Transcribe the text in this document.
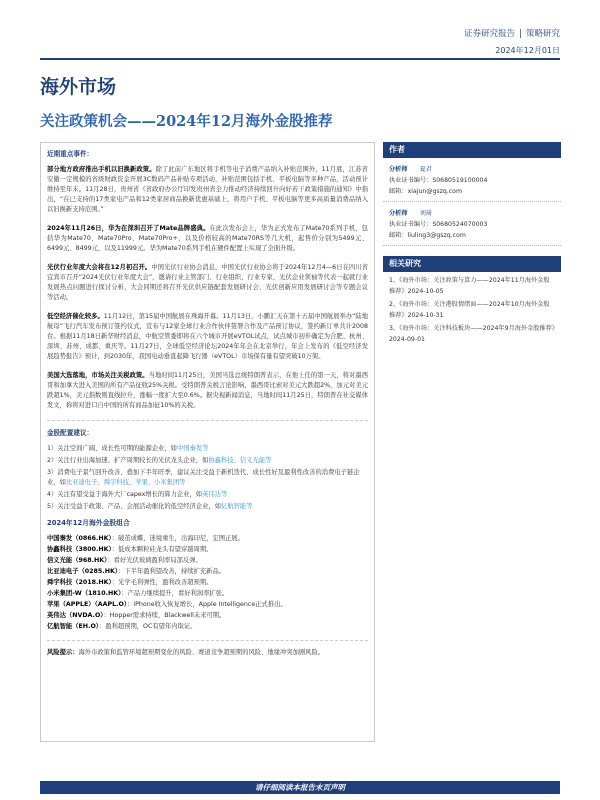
证券研究报告 | 策略研究
2024年12月01日
海外市场
关注政策机会——2024年12月海外金股推荐
近期重点事件：
部分地方政府推出手机以旧换新政策。除了此前广东地区将手机等电子消费产品纳入补贴范围外，11月底，江苏省安徽一定规模的省级财政资金开展3C数码产品补贴专项活动，补贴范围包括手机、平板电脑等多种产品，活动预计维持至年末。11月28日，贵州省《省政府办公厅印发贵州省全力推动经济持续回升向好若干政策措施的通知》中指出，“在已支持的17类家电产品和12类家居商品换新优惠基础上，将用户手机、平板电脑等更多高质量消费品纳入以旧换新支持范围。”
2024年11月26日，华为在深圳召开了Mate品牌盛典。在此次发布会上，华为正式发布了Mate70系列手机，包括华为Mate70、Mate70Pro、Mate70Pro+，以及价格较高的Mate70RS等几大机，起售价分别为5499元、6499元、8499元，以及11999元。华为Mate70系列手机在硬件配置上实现了全面升级。
光伏行业年度大会将在12月初召开。中国光伏行业协会消息，中国光伏行业协会将于2024年12月4—6日在四川省宜宾市召开“2024光伏行业年度大会”，邀请行业主管部门、行业组织、行业专家、光伏企业领袖等代表一起就行业发展热点问题进行探讨分析，大会同期还将召开光伏供应链配套发展研讨会、光伏创新应用发展研讨会等专题会议等活动。
低空经济催化较多。11月12日，第15届中国航展在珠海开幕。11月13日，小鹏汇天在第十五届中国航展举办“陆地航母”飞行汽车发布预订签约仪式，宣布与12家全球行业合作伙伴签署合作及产品预订协议，签约新订单共计2008台。根据11月18日新华财经消息，中航空管委即将在六个城市开展eVTOL试点，试点城市初步确定为合肥、杭州、深圳、苏州、成都、重庆等。11月27日，全球低空经济论坛2024年年会在北京举行，年会上发布的《低空经济发展趋势报告》预计，到2030年，我国电动垂直起降飞行器（eVTOL）市场保有量有望突破10万架。
美国大选落地，市场关注关税政策。当地时间11月25日，美国当选总统特朗普表示，在他上任的第一天，将对墨西哥和加拿大进入美国的所有产品征收25%关税。受特朗普关税言论影响，墨西哥比索对美元大跌超2%，加元对美元跌超1%，美元指数则直线拉升，涨幅一度扩大至0.6%。据央视新闻消息，当地时间11月25日，特朗普在社交媒体发文，称将对进口自中国的所有商品加征10%的关税。
金股配置建议：
1）关注空间广阔、成长性可期的能源企业，如中国秦发等
2）关注行业出海加速、扩产周期较长的光伏龙头企业，如协鑫科技、信义光能等
3）消费电子景气回升改善、叠加下半年旺季，建议关注受益于新机迭代、成长性好及盈利性改善的消费电子链企业，如比亚迪电子、舜宇科技、苹果、小米集团等
4）关注有望受益于海外大厂capex增长的算力企业，如英伟达等
5）关注受益于政策、产品、会展活动催化的低空经济企业，如亿航智能等
2024年12月海外金股组合
中国秦发（0866.HK）：破茧成蝶，迷境重生，出海印尼，宏图正展。
协鑫科技（3800.HK）：低成本颗粒硅龙头有望穿越周期。
信义光能（968.HK）：看好光伏玻璃盈利率局部反弹。
比亚迪电子（0285.HK）：下半年盈利望改善，持续扩充新品。
舜宇科技（2018.HK）：光学毛利弹性，盈利改善超预期。
小米集团-W（1810.HK）：产品力继续提升，看好利润率扩张。
苹果（APPLE）（AAPL.O）：iPhone收入恢复增长，Apple Intelligence正式推出。
英伟达（NVDA.O）：Hopper需求持续，Blackwell未来可期。
亿航智能（EH.O）：盈利超预期，OC有望年内取证。
风险提示：海外市政策和监管环境超预期变化的风险、赛道竞争超预期的风险、地缘冲突加剧风险。
作者
分析师 夏君
执业证书编号：S0680519100004
邮箱：xiajun@gszq.com
分析师 刘琦
执业证书编号：S0680524070003
邮箱：liuling3@gszq.com
相关研究
1、《海外市场：关注政策与算力——2024年11月海外金股推荐》2024-10-05
2、《海外市场：关注港股情绪面——2024年10月海外金股推荐》2024-10-31
3、《海外市场：关注科技板块——2024年9月海外金股推荐》2024-09-01
请仔细阅读本报告末页声明
